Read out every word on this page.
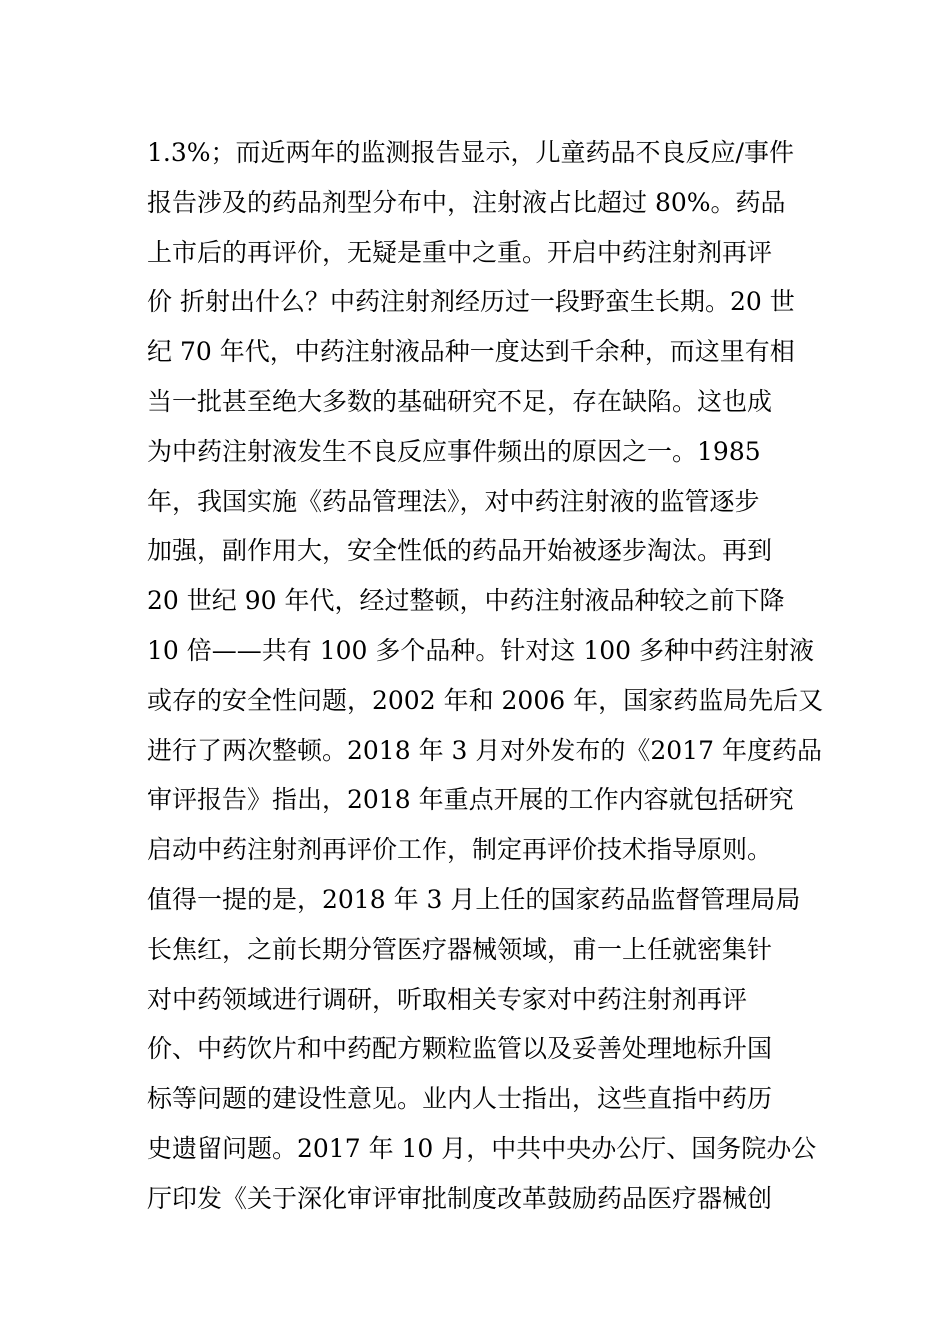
1.3%；而近两年的监测报告显示，儿童药品不良反应/事件
报告涉及的药品剂型分布中，注射液占比超过 80%。药品
上市后的再评价，无疑是重中之重。开启中药注射剂再评
价 折射出什么？中药注射剂经历过一段野蛮生长期。20 世
纪 70 年代，中药注射液品种一度达到千余种，而这里有相
当一批甚至绝大多数的基础研究不足，存在缺陷。这也成
为中药注射液发生不良反应事件频出的原因之一。1985
年，我国实施《药品管理法》，对中药注射液的监管逐步
加强，副作用大，安全性低的药品开始被逐步淘汰。再到
20 世纪 90 年代，经过整顿，中药注射液品种较之前下降
10 倍——共有 100 多个品种。针对这 100 多种中药注射液
或存的安全性问题，2002 年和 2006 年，国家药监局先后又
进行了两次整顿。2018 年 3 月对外发布的《2017 年度药品
审评报告》指出，2018 年重点开展的工作内容就包括研究
启动中药注射剂再评价工作，制定再评价技术指导原则。
值得一提的是，2018 年 3 月上任的国家药品监督管理局局
长焦红，之前长期分管医疗器械领域，甫一上任就密集针
对中药领域进行调研，听取相关专家对中药注射剂再评
价、中药饮片和中药配方颗粒监管以及妥善处理地标升国
标等问题的建设性意见。业内人士指出，这些直指中药历
史遗留问题。2017 年 10 月，中共中央办公厅、国务院办公
厅印发《关于深化审评审批制度改革鼓励药品医疗器械创
